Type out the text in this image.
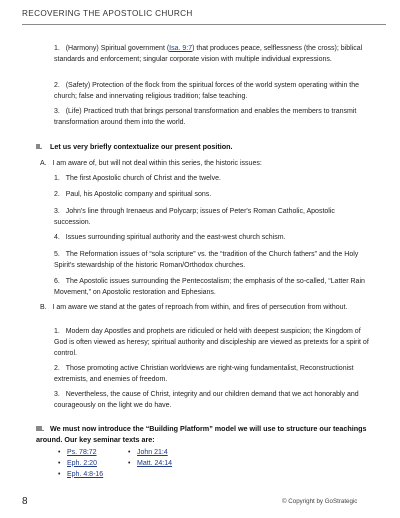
RECOVERING THE APOSTOLIC CHURCH
1. (Harmony) Spiritual government (Isa. 9:7) that produces peace, selflessness (the cross); biblical standards and enforcement; singular corporate vision with multiple individual expressions.
2. (Safety) Protection of the flock from the spiritual forces of the world system operating within the church; false and innervating religious tradition; false teaching.
3. (Life) Practiced truth that brings personal transformation and enables the members to transmit transformation around them into the world.
II. Let us very briefly contextualize our present position.
A. I am aware of, but will not deal within this series, the historic issues:
1. The first Apostolic church of Christ and the twelve.
2. Paul, his Apostolic company and spiritual sons.
3. John's line through Irenaeus and Polycarp; issues of Peter's Roman Catholic, Apostolic succession.
4. Issues surrounding spiritual authority and the east-west church schism.
5. The Reformation issues of “sola scripture” vs. the “tradition of the Church fathers” and the Holy Spirit's stewardship of the historic Roman/Orthodox churches.
6. The Apostolic issues surrounding the Pentecostalism; the emphasis of the so-called, “Latter Rain Movement,” on Apostolic restoration and Ephesians.
B. I am aware we stand at the gates of reproach from within, and fires of persecution from without.
1. Modern day Apostles and prophets are ridiculed or held with deepest suspicion; the Kingdom of God is often viewed as heresy; spiritual authority and discipleship are viewed as pretexts for a spirit of control.
2. Those promoting active Christian worldviews are right-wing fundamentalist, Reconstructionist extremists, and enemies of freedom.
3. Nevertheless, the cause of Christ, integrity and our children demand that we act honorably and courageously on the light we do have.
III. We must now introduce the “Building Platform” model we will use to structure our teachings around. Our key seminar texts are:
• Ps. 78:72
• Eph. 2:20
• Eph. 4:8-16
• John 21:4
• Matt. 24:14
8	© Copyright by GoStrategic
